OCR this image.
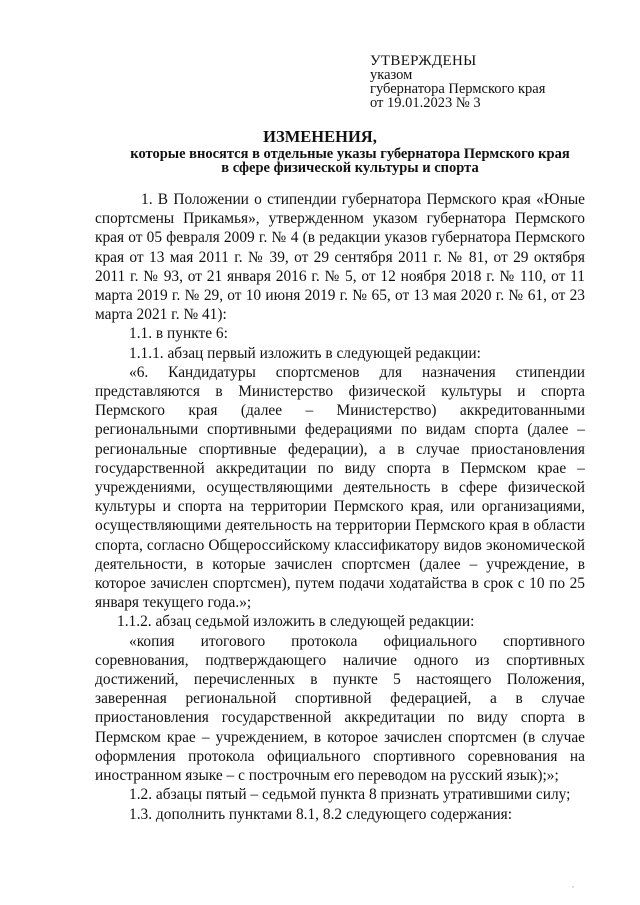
УТВЕРЖДЕНЫ
указом
губернатора Пермского края
от 19.01.2023 № 3
ИЗМЕНЕНИЯ,
которые вносятся в отдельные указы губернатора Пермского края
в сфере физической культуры и спорта

1. В Положении о стипендии губернатора Пермского края «Юные спортсмены Прикамья», утвержденном указом губернатора Пермского края от 05 февраля 2009 г. № 4 (в редакции указов губернатора Пермского края от 13 мая 2011 г. № 39, от 29 сентября 2011 г. № 81, от 29 октября 2011 г. № 93, от 21 января 2016 г. № 5, от 12 ноября 2018 г. № 110, от 11 марта 2019 г. № 29, от 10 июня 2019 г. № 65, от 13 мая 2020 г. № 61, от 23 марта 2021 г. № 41):

1.1. в пункте 6:

1.1.1. абзац первый изложить в следующей редакции:

«6. Кандидатуры спортсменов для назначения стипендии представляются в Министерство физической культуры и спорта Пермского края (далее – Министерство) аккредитованными региональными спортивными федерациями по видам спорта (далее – региональные спортивные федерации), а в случае приостановления государственной аккредитации по виду спорта в Пермском крае – учреждениями, осуществляющими деятельность в сфере физической культуры и спорта на территории Пермского края, или организациями, осуществляющими деятельность на территории Пермского края в области спорта, согласно Общероссийскому классификатору видов экономической деятельности, в которые зачислен спортсмен (далее – учреждение, в которое зачислен спортсмен), путем подачи ходатайства в срок с 10 по 25 января текущего года.»;

1.1.2. абзац седьмой изложить в следующей редакции:

«копия итогового протокола официального спортивного соревнования, подтверждающего наличие одного из спортивных достижений, перечисленных в пункте 5 настоящего Положения, заверенная региональной спортивной федерацией, а в случае приостановления государственной аккредитации по виду спорта в Пермском крае – учреждением, в которое зачислен спортсмен (в случае оформления протокола официального спортивного соревнования на иностранном языке – с построчным его переводом на русский язык);»;

1.2. абзацы пятый – седьмой пункта 8 признать утратившими силу;

1.3. дополнить пунктами 8.1, 8.2 следующего содержания:

,
